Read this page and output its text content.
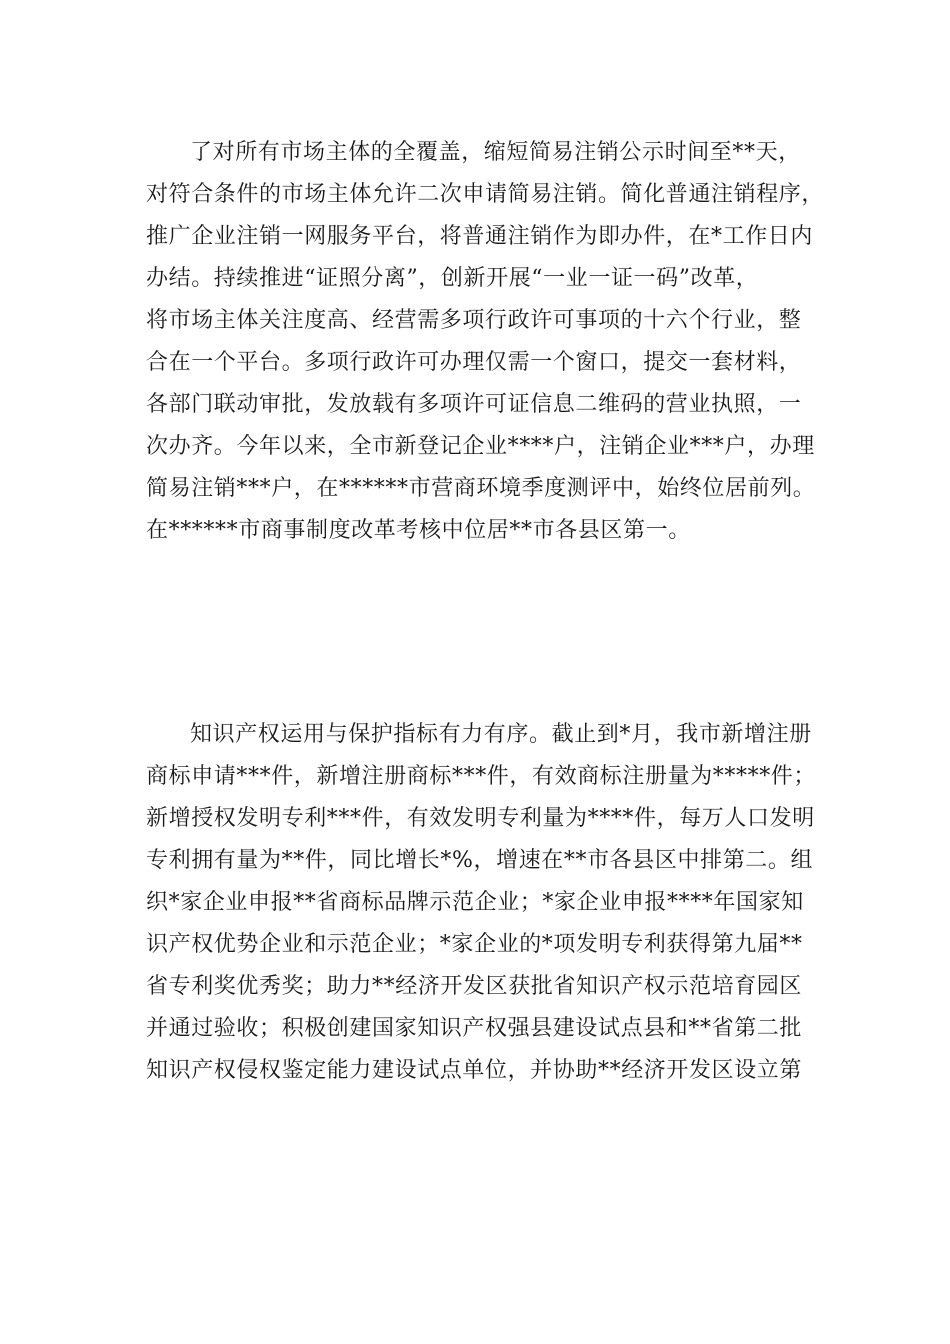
了对所有市场主体的全覆盖，缩短简易注销公示时间至**天，
对符合条件的市场主体允许二次申请简易注销。简化普通注销程序，
推广企业注销一网服务平台，将普通注销作为即办件，在*工作日内
办结。持续推进“证照分离”，创新开展“一业一证一码”改革，
将市场主体关注度高、经营需多项行政许可事项的十六个行业，整
合在一个平台。多项行政许可办理仅需一个窗口，提交一套材料，
各部门联动审批，发放载有多项许可证信息二维码的营业执照，一
次办齐。今年以来，全市新登记企业****户，注销企业***户，办理
简易注销***户，在******市营商环境季度测评中，始终位居前列。
在******市商事制度改革考核中位居**市各县区第一。
知识产权运用与保护指标有力有序。截止到*月，我市新增注册
商标申请***件，新增注册商标***件，有效商标注册量为*****件；
新增授权发明专利***件，有效发明专利量为****件，每万人口发明
专利拥有量为**件，同比增长*%，增速在**市各县区中排第二。组
织*家企业申报**省商标品牌示范企业；*家企业申报****年国家知
识产权优势企业和示范企业；*家企业的*项发明专利获得第九届**
省专利奖优秀奖；助力**经济开发区获批省知识产权示范培育园区
并通过验收；积极创建国家知识产权强县建设试点县和**省第二批
知识产权侵权鉴定能力建设试点单位，并协助**经济开发区设立第
